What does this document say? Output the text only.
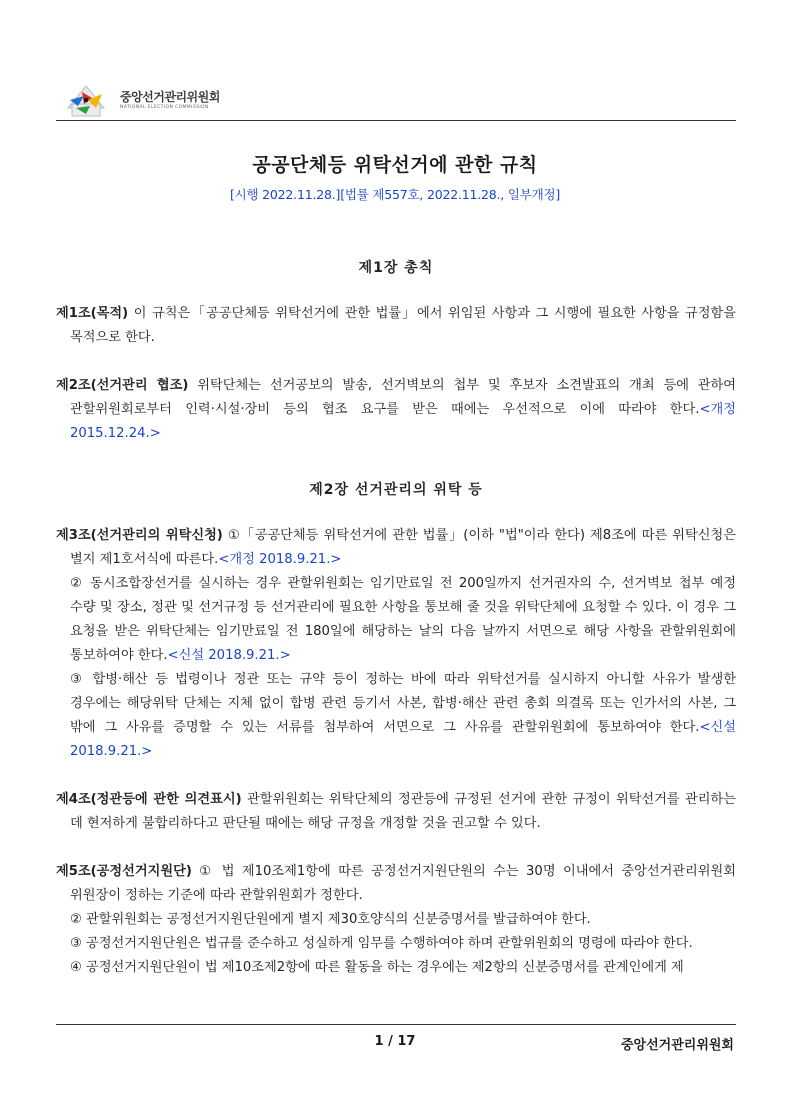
중앙선거관리위원회
NATIONAL ELECTION COMMISSION
공공단체등 위탁선거에 관한 규칙
[시행 2022.11.28.][법률 제557호, 2022.11.28., 일부개정]
제1장 총칙
제1조(목적) 이 규칙은「공공단체등 위탁선거에 관한 법률」에서 위임된 사항과 그 시행에 필요한 사항을 규정함을 목적으로 한다.
제2조(선거관리 협조) 위탁단체는 선거공보의 발송, 선거벽보의 첩부 및 후보자 소견발표의 개최 등에 관하여 관할위원회로부터 인력·시설·장비 등의 협조 요구를 받은 때에는 우선적으로 이에 따라야 한다.<개정 2015.12.24.>
제2장 선거관리의 위탁 등
제3조(선거관리의 위탁신청) ①「공공단체등 위탁선거에 관한 법률」(이하 "법"이라 한다) 제8조에 따른 위탁신청은 별지 제1호서식에 따른다.<개정 2018.9.21.>
② 동시조합장선거를 실시하는 경우 관할위원회는 임기만료일 전 200일까지 선거권자의 수, 선거벽보 첩부 예정 수량 및 장소, 정관 및 선거규정 등 선거관리에 필요한 사항을 통보해 줄 것을 위탁단체에 요청할 수 있다. 이 경우 그 요청을 받은 위탁단체는 임기만료일 전 180일에 해당하는 날의 다음 날까지 서면으로 해당 사항을 관할위원회에 통보하여야 한다.<신설 2018.9.21.>
③ 합병·해산 등 법령이나 정관 또는 규약 등이 정하는 바에 따라 위탁선거를 실시하지 아니할 사유가 발생한 경우에는 해당위탁 단체는 지체 없이 합병 관련 등기서 사본, 합병·해산 관련 총회 의결록 또는 인가서의 사본, 그 밖에 그 사유를 증명할 수 있는 서류를 첨부하여 서면으로 그 사유를 관할위원회에 통보하여야 한다.<신설 2018.9.21.>
제4조(정관등에 관한 의견표시) 관할위원회는 위탁단체의 정관등에 규정된 선거에 관한 규정이 위탁선거를 관리하는 데 현저하게 불합리하다고 판단될 때에는 해당 규정을 개정할 것을 권고할 수 있다.
제5조(공정선거지원단) ① 법 제10조제1항에 따른 공정선거지원단원의 수는 30명 이내에서 중앙선거관리위원회 위원장이 정하는 기준에 따라 관할위원회가 정한다.
② 관할위원회는 공정선거지원단원에게 별지 제30호양식의 신분증명서를 발급하여야 한다.
③ 공정선거지원단원은 법규를 준수하고 성실하게 임무를 수행하여야 하며 관할위원회의 명령에 따라야 한다.
④ 공정선거지원단원이 법 제10조제2항에 따른 활동을 하는 경우에는 제2항의 신분증명서를 관계인에게 제
1 / 17	중앙선거관리위원회
